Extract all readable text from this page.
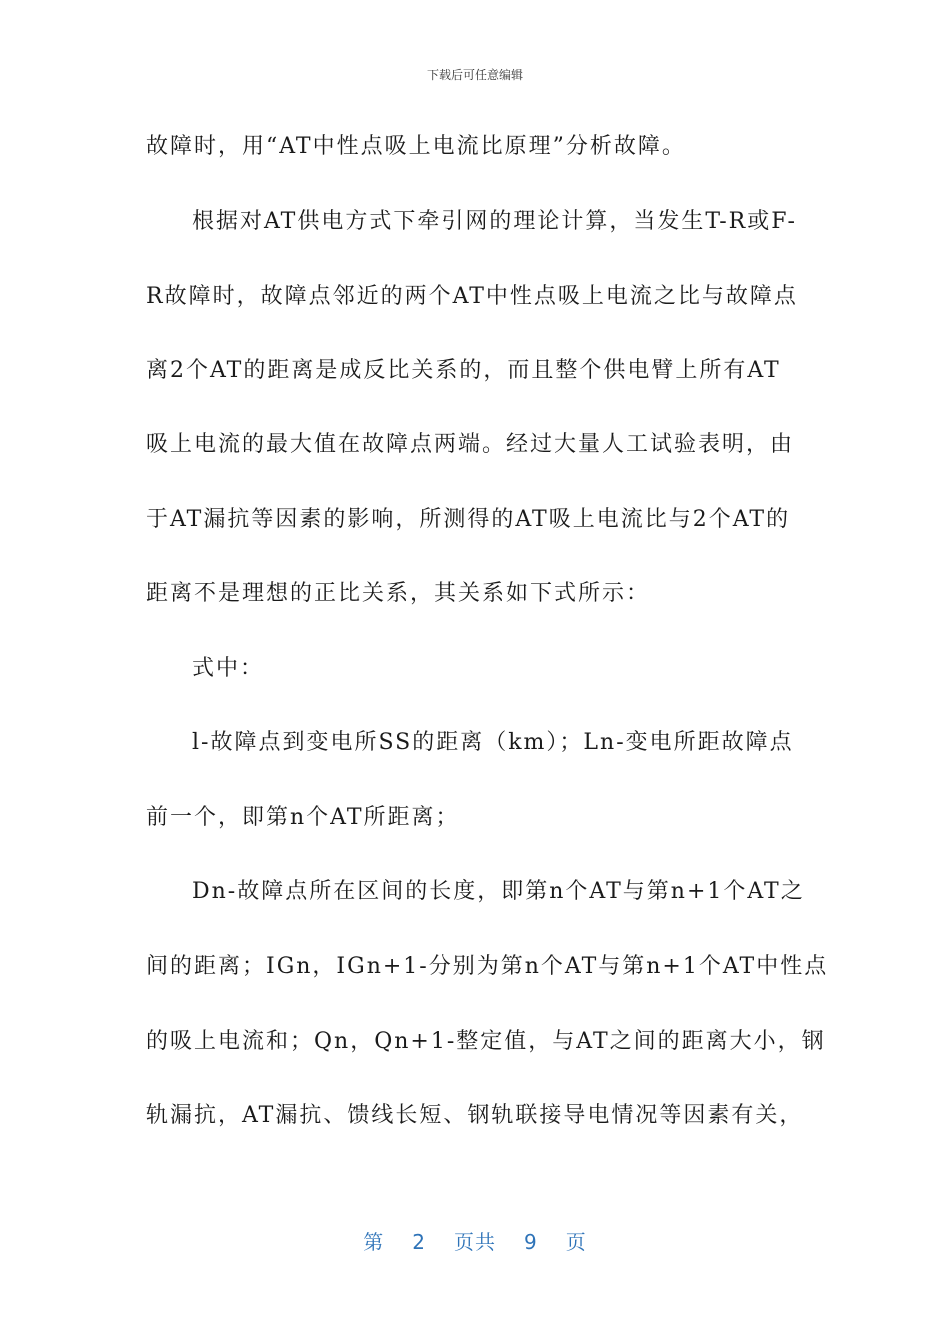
下载后可任意编辑
故障时，用“AT中性点吸上电流比原理”分析故障。
根据对AT供电方式下牵引网的理论计算，当发生T-R或F-
R故障时，故障点邻近的两个AT中性点吸上电流之比与故障点
离2个AT的距离是成反比关系的，而且整个供电臂上所有AT
吸上电流的最大值在故障点两端。经过大量人工试验表明，由
于AT漏抗等因素的影响，所测得的AT吸上电流比与2个AT的
距离不是理想的正比关系，其关系如下式所示：
式中：
l-故障点到变电所SS的距离（km）；Ln-变电所距故障点
前一个，即第n个AT所距离；
Dn-故障点所在区间的长度，即第n个AT与第n+1个AT之
间的距离；IGn，IGn+1-分别为第n个AT与第n+1个AT中性点
的吸上电流和；Qn，Qn+1-整定值，与AT之间的距离大小，钢
轨漏抗，AT漏抗、馈线长短、钢轨联接导电情况等因素有关，
第 2 页共 9 页
